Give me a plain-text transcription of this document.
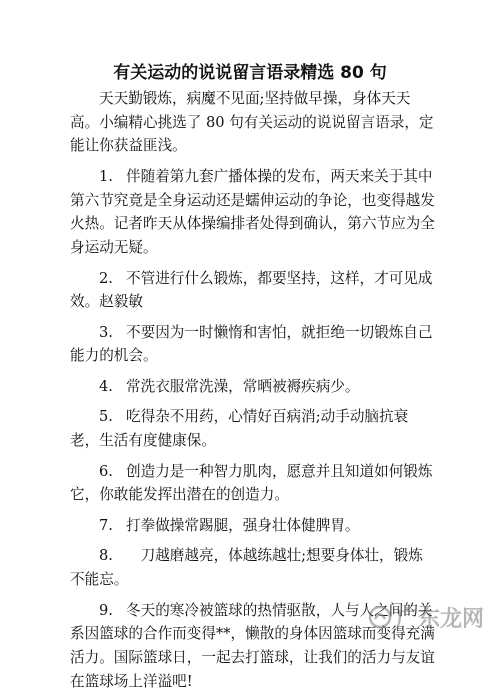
有关运动的说说留言语录精选 80 句

天天勤锻炼，病魔不见面;坚持做早操，身体天天高。小编精心挑选了 80 句有关运动的说说留言语录，定能让你获益匪浅。

1. 伴随着第九套广播体操的发布，两天来关于其中第六节究竟是全身运动还是蠕伸运动的争论，也变得越发火热。记者昨天从体操编排者处得到确认，第六节应为全身运动无疑。

2. 不管进行什么锻炼，都要坚持，这样，才可见成效。赵毅敏

3. 不要因为一时懒惰和害怕，就拒绝一切锻炼自己能力的机会。

4. 常洗衣服常洗澡，常晒被褥疾病少。

5. 吃得杂不用药，心情好百病消;动手动脑抗衰老，生活有度健康保。

6. 创造力是一种智力肌肉，愿意并且知道如何锻炼它，你敢能发挥出潜在的创造力。

7. 打拳做操常踢腿，强身壮体健脾胃。

8.　刀越磨越亮，体越练越壮;想要身体壮，锻炼不能忘。

9. 冬天的寒冷被篮球的热情驱散，人与人之间的关系因篮球的合作而变得**，懒散的身体因篮球而变得充满活力。国际篮球日，一起去打篮球，让我们的活力与友谊在篮球场上洋溢吧!

广东龙网
